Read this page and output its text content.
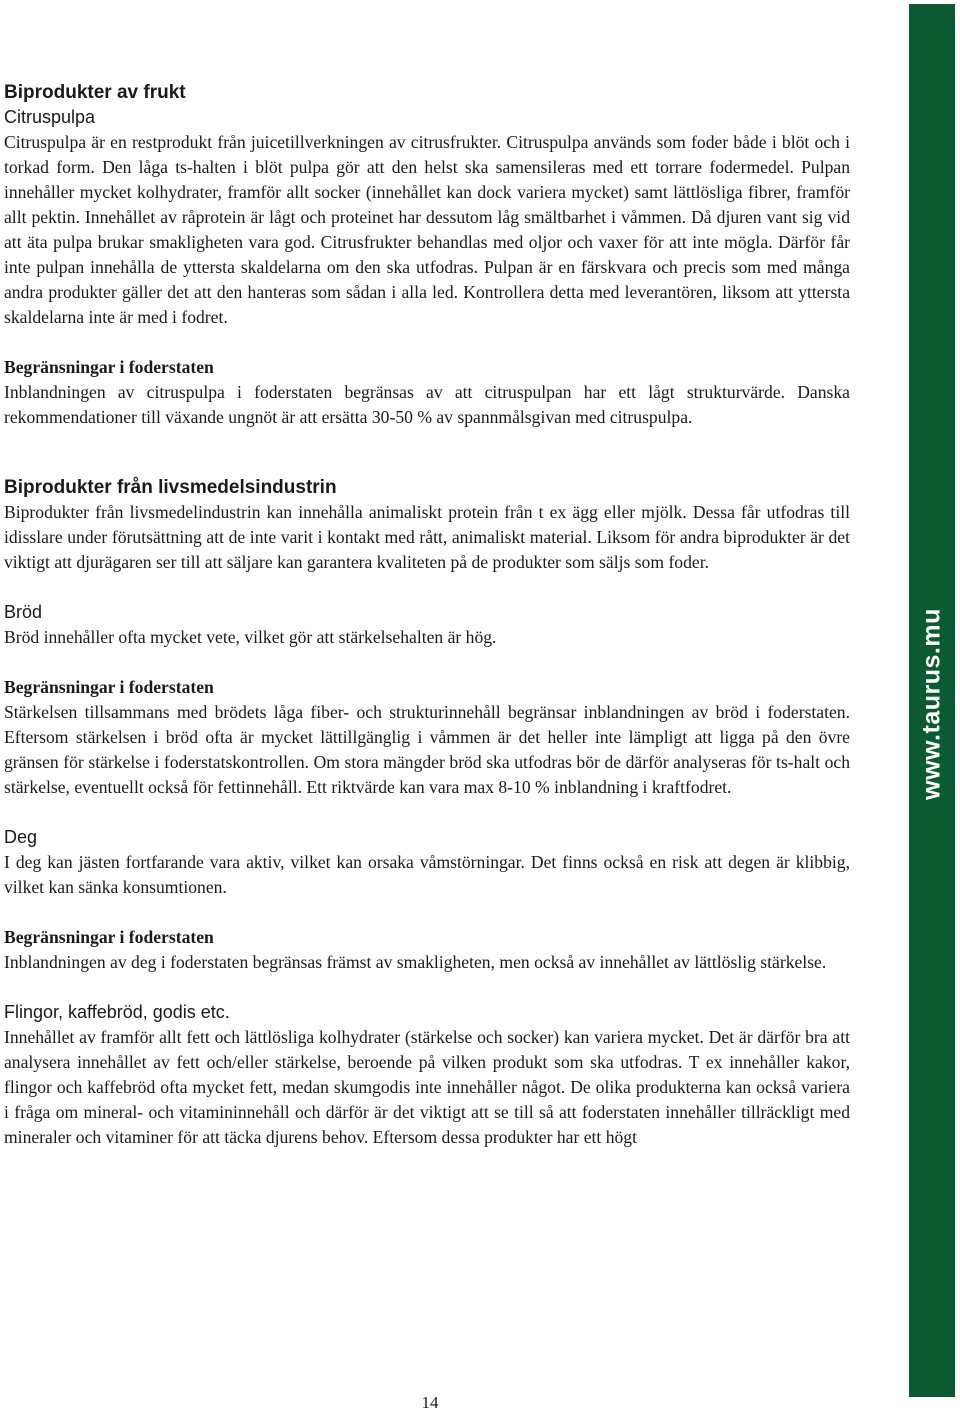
Biprodukter av frukt

Citruspulpa

Citruspulpa är en restprodukt från juicetillverkningen av citrusfrukter. Citruspulpa används som foder både i blöt och i torkad form. Den låga ts-halten i blöt pulpa gör att den helst ska samensileras med ett torrare fodermedel. Pulpan innehåller mycket kolhydrater, framför allt socker (innehållet kan dock variera mycket) samt lättlösliga fibrer, framför allt pektin. Innehållet av råprotein är lågt och proteinet har dessutom låg smältbarhet i våmmen. Då djuren vant sig vid att äta pulpa brukar smakligheten vara god. Citrusfrukter behandlas med oljor och vaxer för att inte mögla. Därför får inte pulpan innehålla de yttersta skaldelarna om den ska utfodras. Pulpan är en färskvara och precis som med många andra produkter gäller det att den hanteras som sådan i alla led. Kontrollera detta med leverantören, liksom att yttersta skaldelarna inte är med i fodret.

Begränsningar i foderstaten

Inblandningen av citruspulpa i foderstaten begränsas av att citruspulpan har ett lågt strukturvärde. Danska rekommendationer till växande ungnöt är att ersätta 30-50 % av spannmålsgivan med citruspulpa.

Biprodukter från livsmedelsindustrin

Biprodukter från livsmedelindustrin kan innehålla animaliskt protein från t ex ägg eller mjölk. Dessa får utfodras till idisslare under förutsättning att de inte varit i kontakt med rått, animaliskt material. Liksom för andra biprodukter är det viktigt att djurägaren ser till att säljare kan garantera kvaliteten på de produkter som säljs som foder.

Bröd

Bröd innehåller ofta mycket vete, vilket gör att stärkelsehalten är hög.

Begränsningar i foderstaten

Stärkelsen tillsammans med brödets låga fiber- och strukturinnehåll begränsar inblandningen av bröd i foderstaten. Eftersom stärkelsen i bröd ofta är mycket lättillgänglig i våmmen är det heller inte lämpligt att ligga på den övre gränsen för stärkelse i foderstatskontrollen. Om stora mängder bröd ska utfodras bör de därför analyseras för ts-halt och stärkelse, eventuellt också för fettinnehåll. Ett riktvärde kan vara max 8-10 % inblandning i kraftfodret.

Deg

I deg kan jästen fortfarande vara aktiv, vilket kan orsaka våmstörningar. Det finns också en risk att degen är klibbig, vilket kan sänka konsumtionen.

Begränsningar i foderstaten

Inblandningen av deg i foderstaten begränsas främst av smakligheten, men också av innehållet av lättlöslig stärkelse.

Flingor, kaffebröd, godis etc.

Innehållet av framför allt fett och lättlösliga kolhydrater (stärkelse och socker) kan variera mycket. Det är därför bra att analysera innehållet av fett och/eller stärkelse, beroende på vilken produkt som ska utfodras. T ex innehåller kakor, flingor och kaffebröd ofta mycket fett, medan skumgodis inte innehåller något. De olika produkterna kan också variera i fråga om mineral- och vitamininnehåll och därför är det viktigt att se till så att foderstaten innehåller tillräckligt med mineraler och vitaminer för att täcka djurens behov. Eftersom dessa produkter har ett högt

www.taurus.mu
14
